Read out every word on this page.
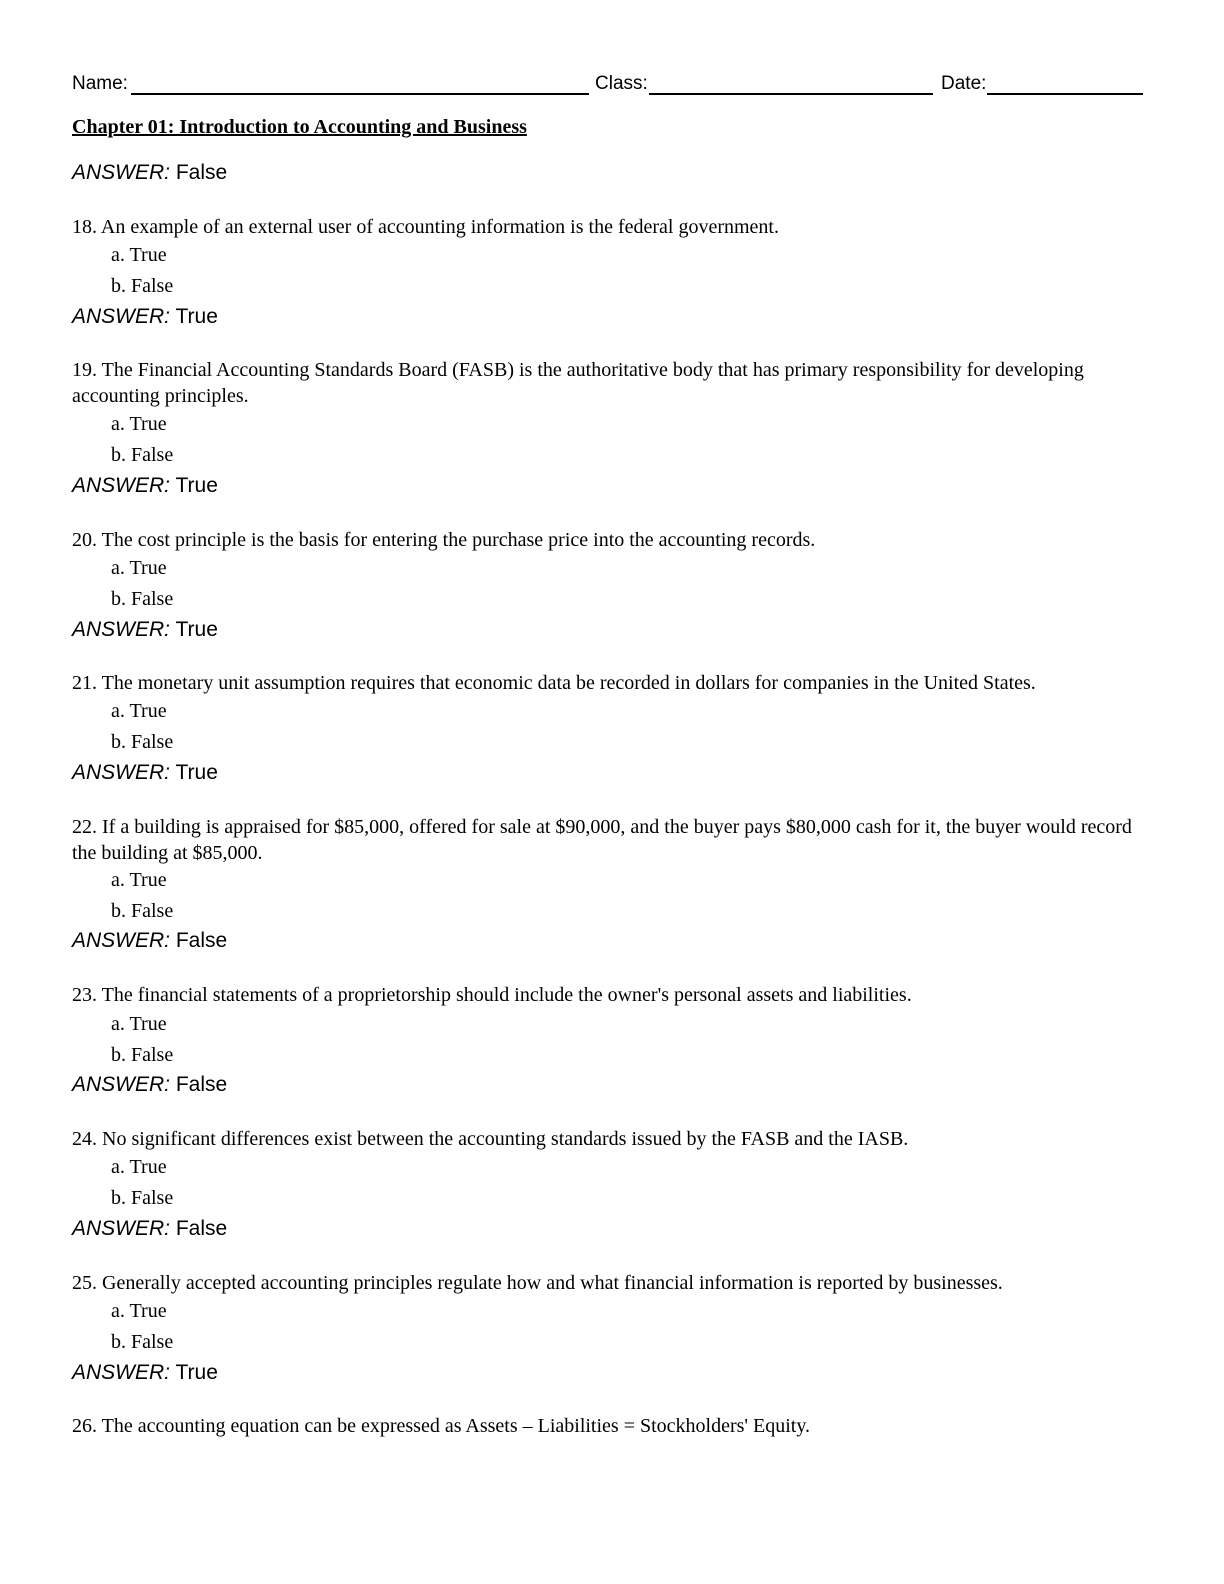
Name:	Class:	Date:
Chapter 01: Introduction to Accounting and Business
ANSWER: False
18. An example of an external user of accounting information is the federal government.
a. True
b. False
ANSWER: True
19. The Financial Accounting Standards Board (FASB) is the authoritative body that has primary responsibility for developing accounting principles.
a. True
b. False
ANSWER: True
20. The cost principle is the basis for entering the purchase price into the accounting records.
a. True
b. False
ANSWER: True
21. The monetary unit assumption requires that economic data be recorded in dollars for companies in the United States.
a. True
b. False
ANSWER: True
22. If a building is appraised for $85,000, offered for sale at $90,000, and the buyer pays $80,000 cash for it, the buyer would record the building at $85,000.
a. True
b. False
ANSWER: False
23. The financial statements of a proprietorship should include the owner's personal assets and liabilities.
a. True
b. False
ANSWER: False
24. No significant differences exist between the accounting standards issued by the FASB and the IASB.
a. True
b. False
ANSWER: False
25. Generally accepted accounting principles regulate how and what financial information is reported by businesses.
a. True
b. False
ANSWER: True
26. The accounting equation can be expressed as Assets – Liabilities = Stockholders' Equity.
